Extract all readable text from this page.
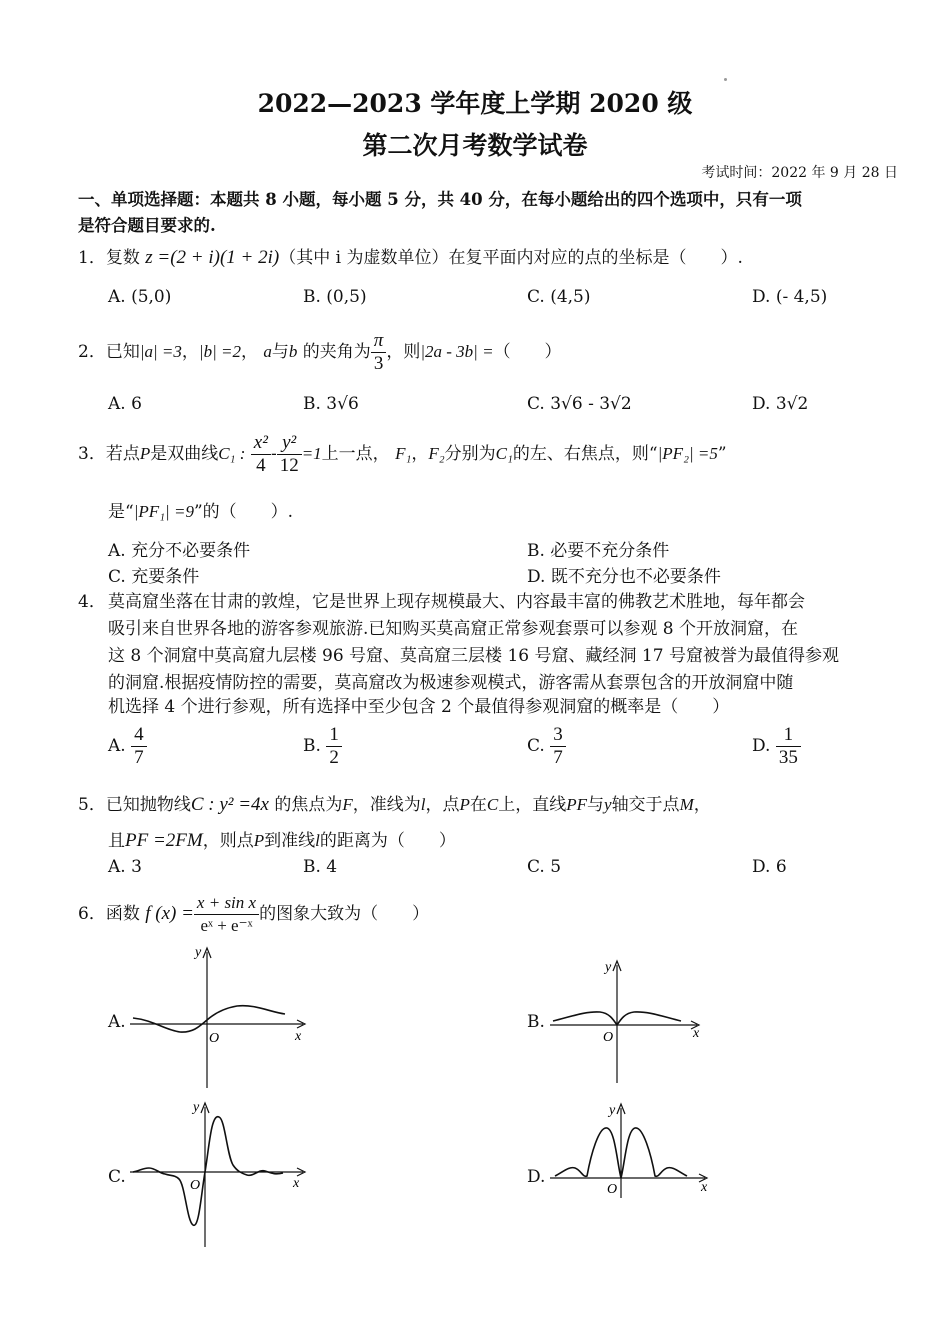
2022—2023 学年度上学期 2020 级
第二次月考数学试卷
考试时间：2022 年 9 月 28 日
一、单项选择题：本题共 8 小题，每小题 5 分，共 40 分，在每小题给出的四个选项中，只有一项
是符合题目要求的.
1．复数 z =(2 + i)(1 + 2i)（其中 i 为虚数单位）在复平面内对应的点的坐标是（　　）.
A. (5,0)	B. (0,5)	C. (4,5)	D. (- 4,5)
2．已知|a| =3，|b| =2， a与b 的夹角为 $\frac{\pi}{3}$ ，则|2a - 3b| =（　　）
A. 6	B. 3√6	C. 3√6 - 3√2	D. 3√2
3．若点P是双曲线C₁ : $\frac{\text{x²}}{4} - \frac{\text{y²}}{12} =1$上一点， F₁，F₂分别为C₁的左、右焦点，则“|PF₂| =5”
是“|PF₁| =9”的（　　）.
A. 充分不必要条件	B. 必要不充分条件
C. 充要条件	D. 既不充分也不必要条件
4． 莫高窟坐落在甘肃的敦煌，它是世界上现存规模最大、内容最丰富的佛教艺术胜地，每年都会
吸引来自世界各地的游客参观旅游.已知购买莫高窟正常参观套票可以参观 8 个开放洞窟，在
这 8 个洞窟中莫高窟九层楼 96 号窟、莫高窟三层楼 16 号窟、藏经洞 17 号窟被誉为最值得参观
的洞窟.根据疫情防控的需要，莫高窟改为极速参观模式，游客需从套票包含的开放洞窟中随
机选择 4 个进行参观，所有选择中至少包含 2 个最值得参观洞窟的概率是（　　）
A. $\frac{4}{7}$	B. $\frac{1}{2}$	C. $\frac{3}{7}$	D. $\frac{1}{35}$
5．已知抛物线C : y² =4x 的焦点为F，准线为l，点P在C上，直线PF与y轴交于点M，
且PF =2FM，则点P到准线l的距离为（　　）
A. 3	B. 4	C. 5	D. 6
6．函数 f $(x) = \frac{\text{x + sin x}}{\text{eˣ + e⁻ˣ}}$ 的图象大致为（　　）
A.
x
y
O
B.
x
y
O
C.	x
y
O	D.
x
y
O
